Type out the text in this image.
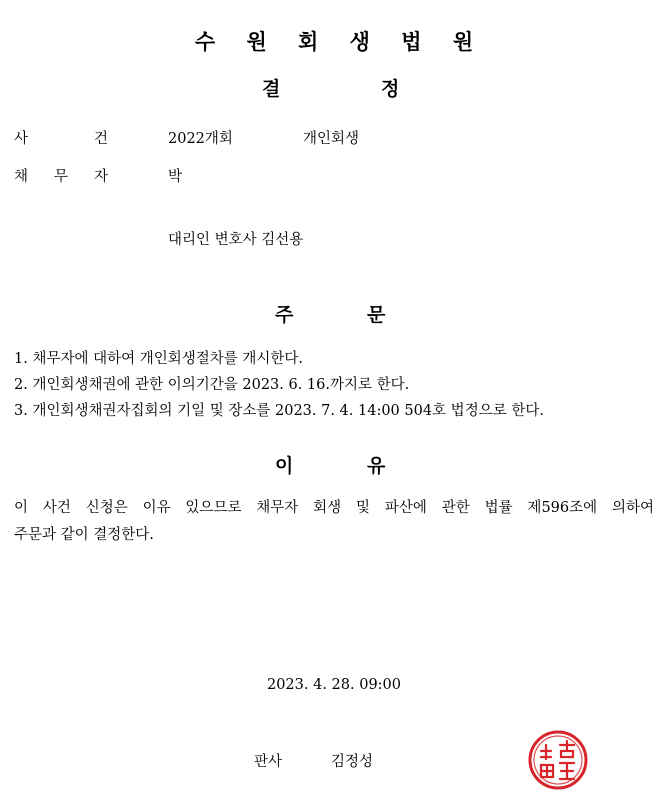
수 원 회 생 법 원
결	정
사	건	2022개회	개인회생
채 무 자	박
대리인 변호사 김선용
주	문
1. 채무자에 대하여 개인회생절차를 개시한다.
2. 개인회생채권에 관한 이의기간을 2023. 6. 16.까지로 한다.
3. 개인회생채권자집회의 기일 및 장소를 2023. 7. 4. 14:00 504호 법정으로 한다.
이	유
이 사건 신청은 이유 있으므로 채무자 회생 및 파산에 관한 법률 제596조에 의하여
주문과 같이 결정한다.
2023. 4. 28. 09:00
판사	김정성
